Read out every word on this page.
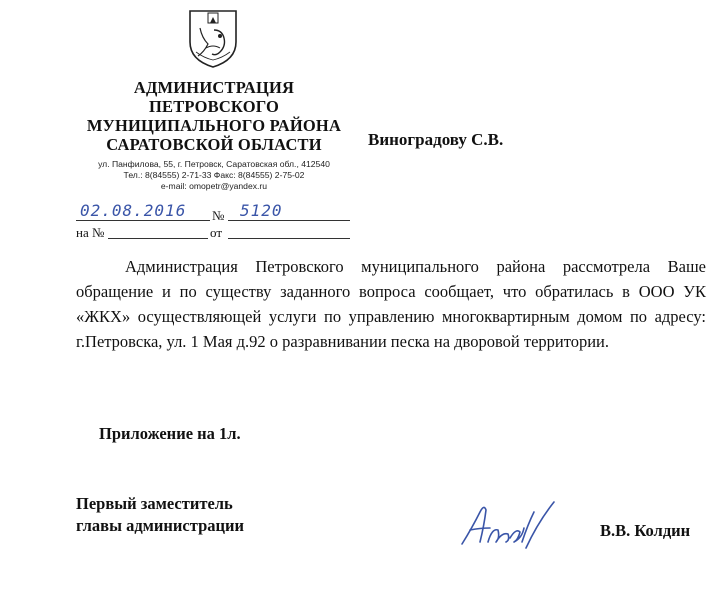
АДМИНИСТРАЦИЯ
ПЕТРОВСКОГО
МУНИЦИПАЛЬНОГО РАЙОНА
САРАТОВСКОЙ ОБЛАСТИ
ул. Панфилова, 55, г. Петровск, Саратовская обл., 412540
Тел.: 8(84555) 2-71-33 Факс: 8(84555) 2-75-02
e-mail: omopetr@yandex.ru
Виноградову С.В.
02.08.2016 № 5120
на №	от
Администрация Петровского муниципального района рассмотрела Ваше обращение и по существу заданного вопроса сообщает, что обратилась в ООО УК «ЖКХ» осуществляющей услуги по управлению многоквартирным домом по адресу: г.Петровска, ул. 1 Мая д.92 о разравнивании песка на дворовой территории.
Приложение на 1л.
Первый заместитель
главы администрации	В.В. Колдин
